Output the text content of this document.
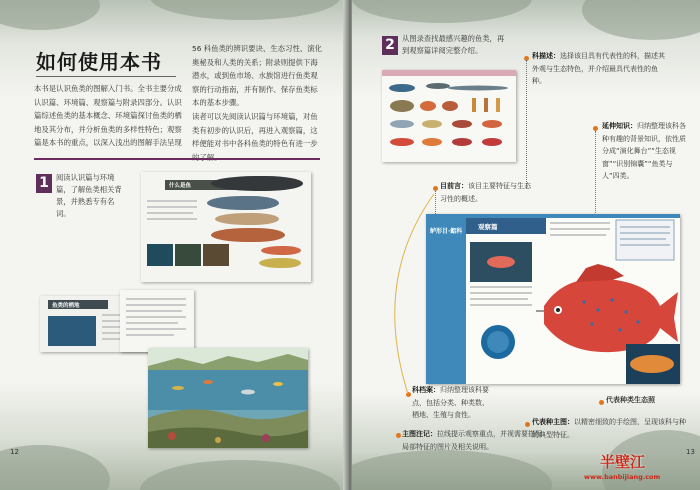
如何使用本书

本书是认识鱼类的图解入门书。全书主要分成认识篇、环境篇、观察篇与附录四部分。认识篇综述鱼类的基本概念、环境篇探讨鱼类的栖地及其分布，并分析鱼类的多样性特色；观察篇是本书的重点，以深入浅出的图解手法呈现

56 科鱼类的辨识要诀、生态习性、演化奥秘及和人类的关系；附录则提供下海潜水，或到鱼市场、水族馆进行鱼类观察的行动指南，并有制作、保存鱼类标本的基本步骤。
读者可以先阅读认识篇与环境篇，对鱼类有初步的认识后，再进入观察篇，这样便能对书中各科鱼类的特色有进一步

1 阅读认识篇与环境篇，了解鱼类相关背景，并熟悉专有名词。

什么是鱼
鱼类的栖地

12

2 从图录查找最感兴趣的鱼类，再到观察篇详阅完整介绍。

科描述：选择该目具有代表性的科，描述其外观与生态特色，并介绍最具代表性的鱼种。

延伸知识：归纳整理该科各种有趣的背景知识，依性质分成“演化舞台”“生态视窗”“识别锦囊”“鱼类与人”四类。

目前言：该目主要特征与生态习性的概述。

鲈形目·鮨科
观察篇

科档案：归纳整理该科要点，包括分类、种类数、栖地、生殖与食性。

代表种类生态照

代表种主图：以精密细致的手绘图，呈现该科与种的典型特征。

主图注记：拉线提示观察重点，并视需要搭配局部特征的图片及相关说明。

13

半壁江

www.banbijiang.com
